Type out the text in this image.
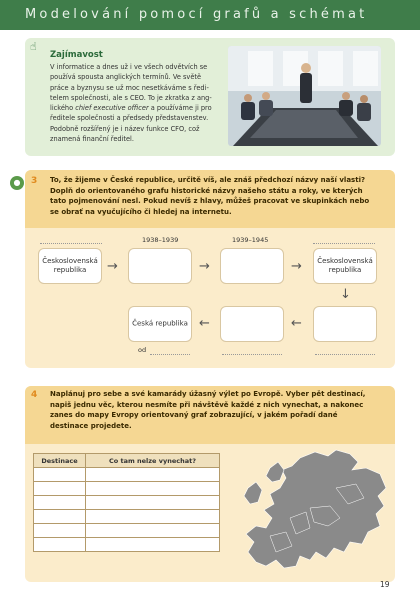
Modelování pomocí grafů a schémat
☝
Zajímavost
V informatice a dnes už i ve všech odvětvích se
používá spousta anglických termínů. Ve světě
práce a byznysu se už moc nesetkáváme s ředi-
telem společnosti, ale s CEO. To je zkratka z ang-
lického chief executive officer a používáme ji pro
ředitele společnosti a předsedy představenstev.
Podobně rozšířený je i název funkce CFO, což
znamená finanční ředitel.
●	3 To, že žijeme v České republice, určitě víš, ale znáš předchozí názvy naší vlasti?
Doplň do orientovaného grafu historické názvy našeho státu a roky, ve kterých
tato pojmenování nesl. Pokud nevíš z hlavy, můžeš pracovat ve skupinkách nebo
se obrať na vyučujícího či hledej na internetu.
1938–1939	1939–1945
Československá
republika	→	→	→	Československá
republika
↓
←
←
Česká republika
od
4 Naplánuj pro sebe a své kamarády úžasný výlet po Evropě. Vyber pět destinací,
napiš jednu věc, kterou nesmíte při návštěvě každé z nich vynechat, a nakonec
zanes do mapy Evropy orientovaný graf zobrazující, v jakém pořadí dané
destinace projedete.
Destinace	Co tam nelze vynechat?

19
